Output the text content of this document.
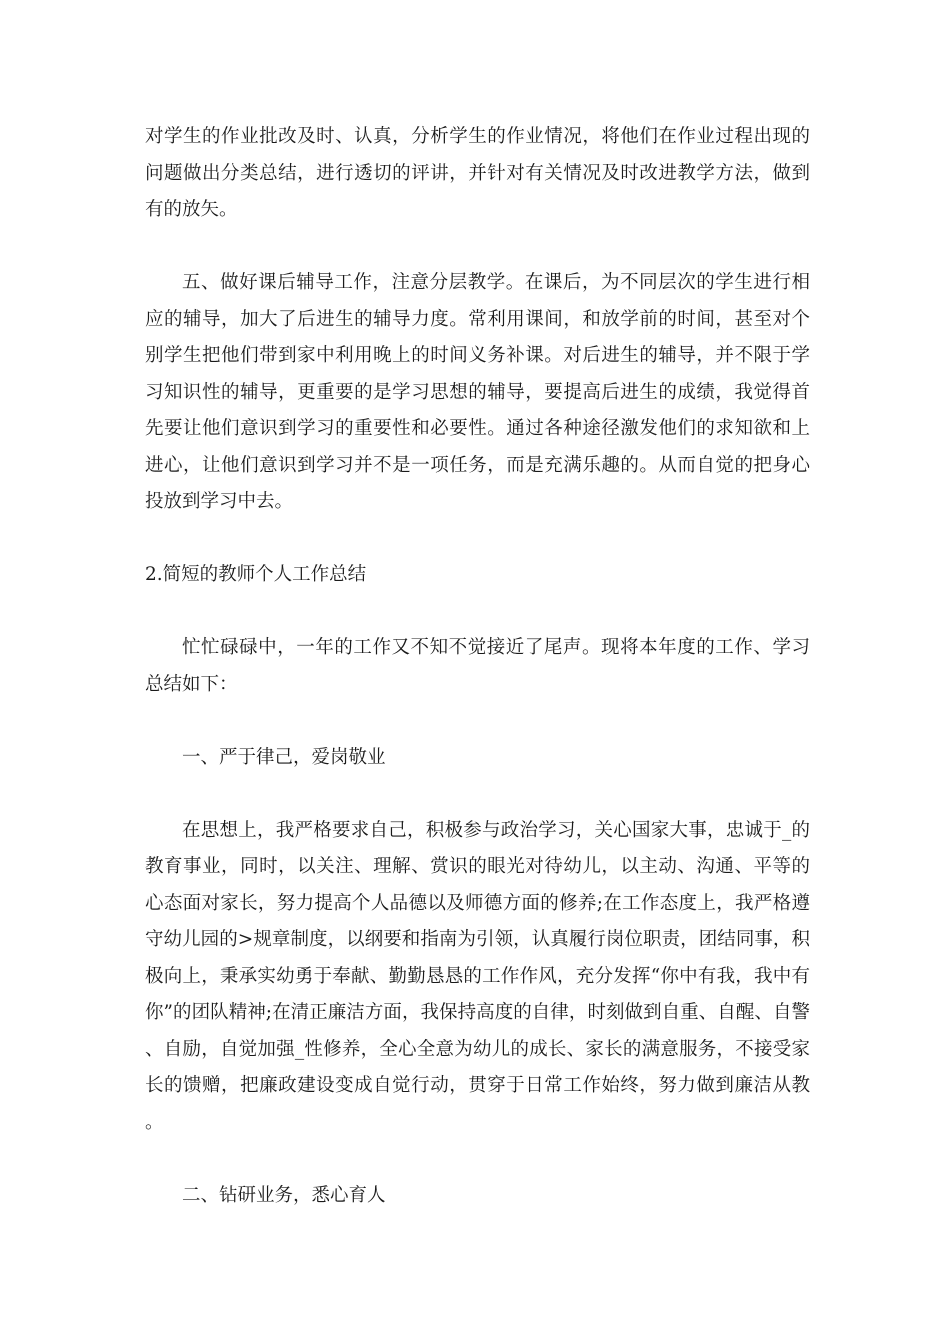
对学生的作业批改及时、认真，分析学生的作业情况，将他们在作业过程出现的问题做出分类总结，进行透切的评讲，并针对有关情况及时改进教学方法，做到有的放矢。

五、做好课后辅导工作，注意分层教学。在课后，为不同层次的学生进行相应的辅导，加大了后进生的辅导力度。常利用课间，和放学前的时间，甚至对个别学生把他们带到家中利用晚上的时间义务补课。对后进生的辅导，并不限于学习知识性的辅导，更重要的是学习思想的辅导，要提高后进生的成绩，我觉得首先要让他们意识到学习的重要性和必要性。通过各种途径激发他们的求知欲和上进心，让他们意识到学习并不是一项任务，而是充满乐趣的。从而自觉的把身心投放到学习中去。

2.简短的教师个人工作总结

忙忙碌碌中，一年的工作又不知不觉接近了尾声。现将本年度的工作、学习总结如下：

一、严于律己，爱岗敬业

在思想上，我严格要求自己，积极参与政治学习，关心国家大事，忠诚于_的教育事业，同时，以关注、理解、赏识的眼光对待幼儿，以主动、沟通、平等的心态面对家长，努力提高个人品德以及师德方面的修养;在工作态度上，我严格遵守幼儿园的>规章制度，以纲要和指南为引领，认真履行岗位职责，团结同事，积极向上，秉承实幼勇于奉献、勤勤恳恳的工作作风，充分发挥“你中有我，我中有你”的团队精神;在清正廉洁方面，我保持高度的自律，时刻做到自重、自醒、自警、自励，自觉加强_性修养，全心全意为幼儿的成长、家长的满意服务，不接受家长的馈赠，把廉政建设变成自觉行动，贯穿于日常工作始终，努力做到廉洁从教。

二、钻研业务，悉心育人
